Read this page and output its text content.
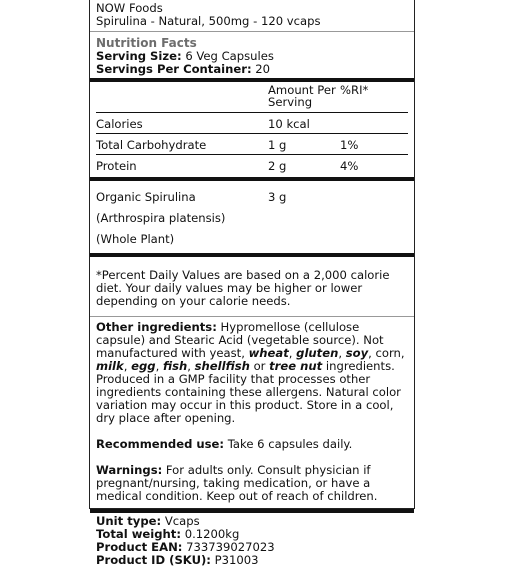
NOW Foods
Spirulina - Natural, 500mg - 120 vcaps
Nutrition Facts
Serving Size: 6 Veg Capsules
Servings Per Container: 20
	Amount Per Serving	%RI*
Calories	10 kcal	
Total Carbohydrate	1 g	1%
Protein	2 g	4%
Organic Spirulina (Arthrospira platensis) (Whole Plant)	3 g
*Percent Daily Values are based on a 2,000 calorie diet. Your daily values may be higher or lower depending on your calorie needs.
Other ingredients: Hypromellose (cellulose capsule) and Stearic Acid (vegetable source). Not manufactured with yeast, wheat, gluten, soy, corn, milk, egg, fish, shellfish or tree nut ingredients. Produced in a GMP facility that processes other ingredients containing these allergens. Natural color variation may occur in this product. Store in a cool, dry place after opening.
Recommended use: Take 6 capsules daily.
Warnings: For adults only. Consult physician if pregnant/nursing, taking medication, or have a medical condition. Keep out of reach of children.
Unit type: Vcaps
Total weight: 0.1200kg
Product EAN: 733739027023
Product ID (SKU): P31003
